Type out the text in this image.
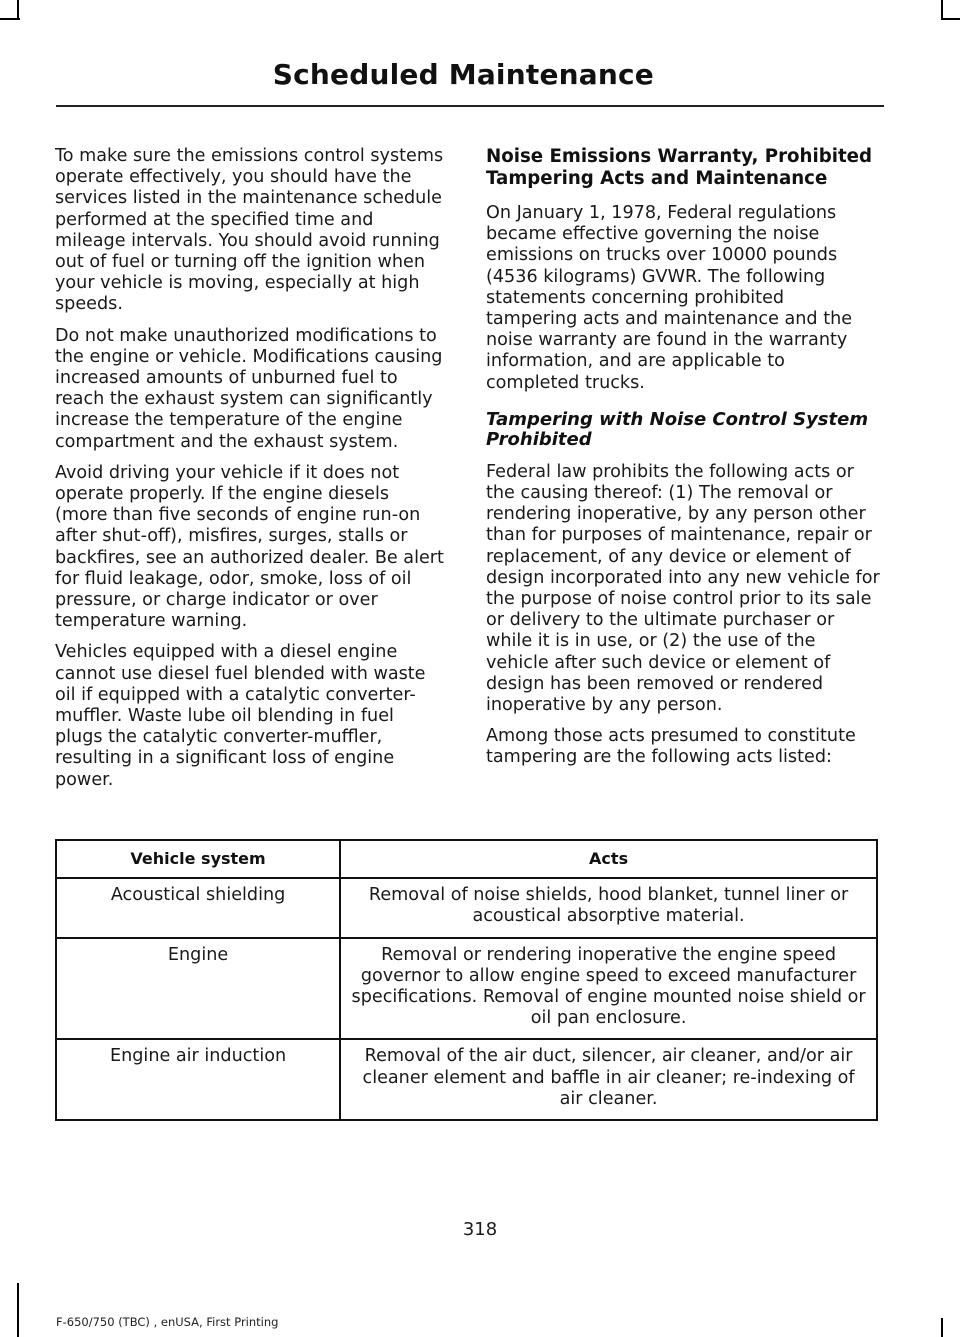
Scheduled Maintenance

To make sure the emissions control systems operate effectively, you should have the services listed in the maintenance schedule performed at the specified time and mileage intervals. You should avoid running out of fuel or turning off the ignition when your vehicle is moving, especially at high speeds.

Do not make unauthorized modifications to the engine or vehicle. Modifications causing increased amounts of unburned fuel to reach the exhaust system can significantly increase the temperature of the engine compartment and the exhaust system.

Avoid driving your vehicle if it does not operate properly. If the engine diesels (more than five seconds of engine run-on after shut-off), misfires, surges, stalls or backfires, see an authorized dealer. Be alert for fluid leakage, odor, smoke, loss of oil pressure, or charge indicator or over temperature warning.

Vehicles equipped with a diesel engine cannot use diesel fuel blended with waste oil if equipped with a catalytic converter-muffler. Waste lube oil blending in fuel plugs the catalytic converter-muffler, resulting in a significant loss of engine power.

Noise Emissions Warranty, Prohibited Tampering Acts and Maintenance

On January 1, 1978, Federal regulations became effective governing the noise emissions on trucks over 10000 pounds (4536 kilograms) GVWR. The following statements concerning prohibited tampering acts and maintenance and the noise warranty are found in the warranty information, and are applicable to completed trucks.

Tampering with Noise Control System Prohibited

Federal law prohibits the following acts or the causing thereof: (1) The removal or rendering inoperative, by any person other than for purposes of maintenance, repair or replacement, of any device or element of design incorporated into any new vehicle for the purpose of noise control prior to its sale or delivery to the ultimate purchaser or while it is in use, or (2) the use of the vehicle after such device or element of design has been removed or rendered inoperative by any person.

Among those acts presumed to constitute tampering are the following acts listed:

Vehicle system	Acts
Acoustical shielding	Removal of noise shields, hood blanket, tunnel liner or acoustical absorptive material.
Engine	Removal or rendering inoperative the engine speed governor to allow engine speed to exceed manufacturer specifications. Removal of engine mounted noise shield or oil pan enclosure.
Engine air induction	Removal of the air duct, silencer, air cleaner, and/or air cleaner element and baffle in air cleaner; re-indexing of air cleaner.
318
F-650/750 (TBC) , enUSA, First Printing
